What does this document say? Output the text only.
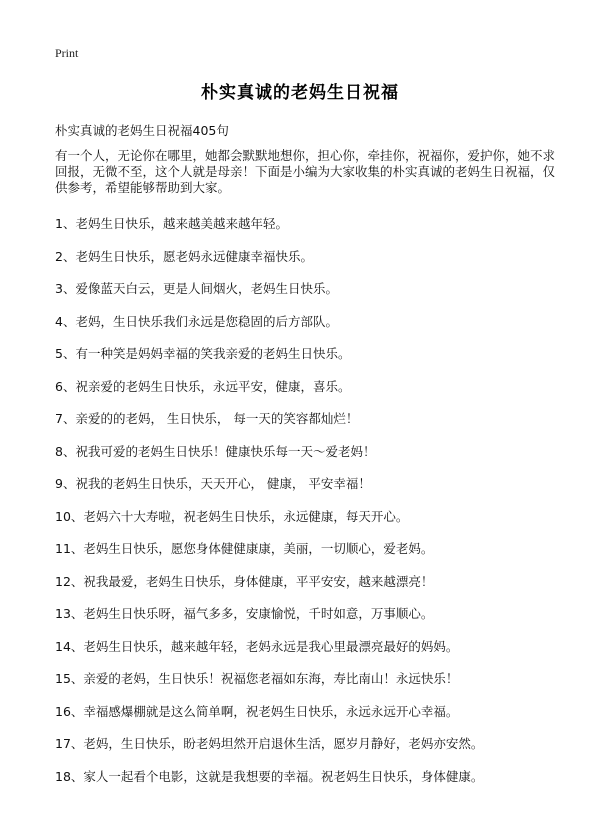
Print
朴实真诚的老妈生日祝福
朴实真诚的老妈生日祝福405句
有一个人，无论你在哪里，她都会默默地想你，担心你，牵挂你，祝福你，爱护你，她不求回报，无微不至，这个人就是母亲！下面是小编为大家收集的朴实真诚的老妈生日祝福，仅供参考，希望能够帮助到大家。
1、老妈生日快乐，越来越美越来越年轻。
2、老妈生日快乐，愿老妈永远健康幸福快乐。
3、爱像蓝天白云，更是人间烟火，老妈生日快乐。
4、老妈，生日快乐我们永远是您稳固的后方部队。
5、有一种笑是妈妈幸福的笑我亲爱的老妈生日快乐。
6、祝亲爱的老妈生日快乐，永远平安，健康，喜乐。
7、亲爱的的老妈， 生日快乐， 每一天的笑容都灿烂！
8、祝我可爱的老妈生日快乐！健康快乐每一天～爱老妈！
9、祝我的老妈生日快乐，天天开心， 健康， 平安幸福！
10、老妈六十大寿啦，祝老妈生日快乐，永远健康，每天开心。
11、老妈生日快乐，愿您身体健健康康，美丽，一切顺心，爱老妈。
12、祝我最爱，老妈生日快乐，身体健康，平平安安，越来越漂亮！
13、老妈生日快乐呀，福气多多，安康愉悦，千时如意，万事顺心。
14、老妈生日快乐，越来越年轻，老妈永远是我心里最漂亮最好的妈妈。
15、亲爱的老妈，生日快乐！祝福您老福如东海，寿比南山！永远快乐！
16、幸福感爆棚就是这么简单啊，祝老妈生日快乐，永远永远开心幸福。
17、老妈，生日快乐，盼老妈坦然开启退休生活，愿岁月静好，老妈亦安然。
18、家人一起看个电影，这就是我想要的幸福。祝老妈生日快乐，身体健康。
